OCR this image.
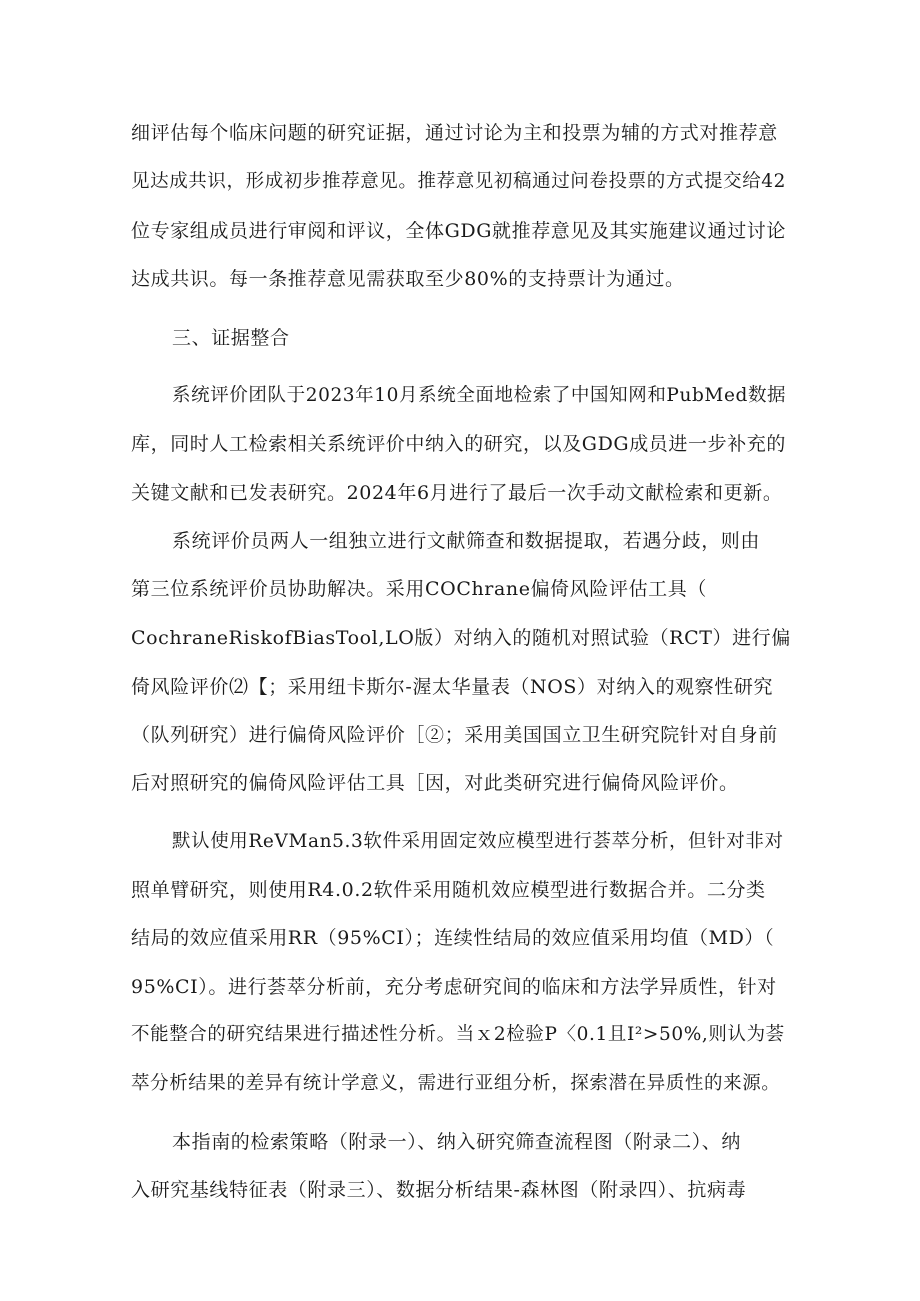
细评估每个临床问题的研究证据，通过讨论为主和投票为辅的方式对推荐意
见达成共识，形成初步推荐意见。推荐意见初稿通过问卷投票的方式提交给42
位专家组成员进行审阅和评议，全体GDG就推荐意见及其实施建议通过讨论
达成共识。每一条推荐意见需获取至少80%的支持票计为通过。
三、证据整合
系统评价团队于2023年10月系统全面地检索了中国知网和PubMed数据
库，同时人工检索相关系统评价中纳入的研究，以及GDG成员进一步补充的
关键文献和已发表研究。2024年6月进行了最后一次手动文献检索和更新。
系统评价员两人一组独立进行文献筛查和数据提取，若遇分歧，则由
第三位系统评价员协助解决。采用COChrane偏倚风险评估工具（
CochraneRiskofBiasTool,LO版）对纳入的随机对照试验（RCT）进行偏
倚风险评价⑵【；采用纽卡斯尔-渥太华量表（NOS）对纳入的观察性研究
（队列研究）进行偏倚风险评价［②；采用美国国立卫生研究院针对自身前
后对照研究的偏倚风险评估工具［因，对此类研究进行偏倚风险评价。
默认使用ReVMan5.3软件采用固定效应模型进行荟萃分析，但针对非对
照单臂研究，则使用R4.0.2软件采用随机效应模型进行数据合并。二分类
结局的效应值采用RR（95%CI）；连续性结局的效应值采用均值（MD）（
95%CI）。进行荟萃分析前，充分考虑研究间的临床和方法学异质性，针对
不能整合的研究结果进行描述性分析。当ｘ2检验P〈0.1且I²>50%,则认为荟
萃分析结果的差异有统计学意义，需进行亚组分析，探索潜在异质性的来源。
本指南的检索策略（附录一）、纳入研究筛查流程图（附录二）、纳
入研究基线特征表（附录三）、数据分析结果-森林图（附录四）、抗病毒
